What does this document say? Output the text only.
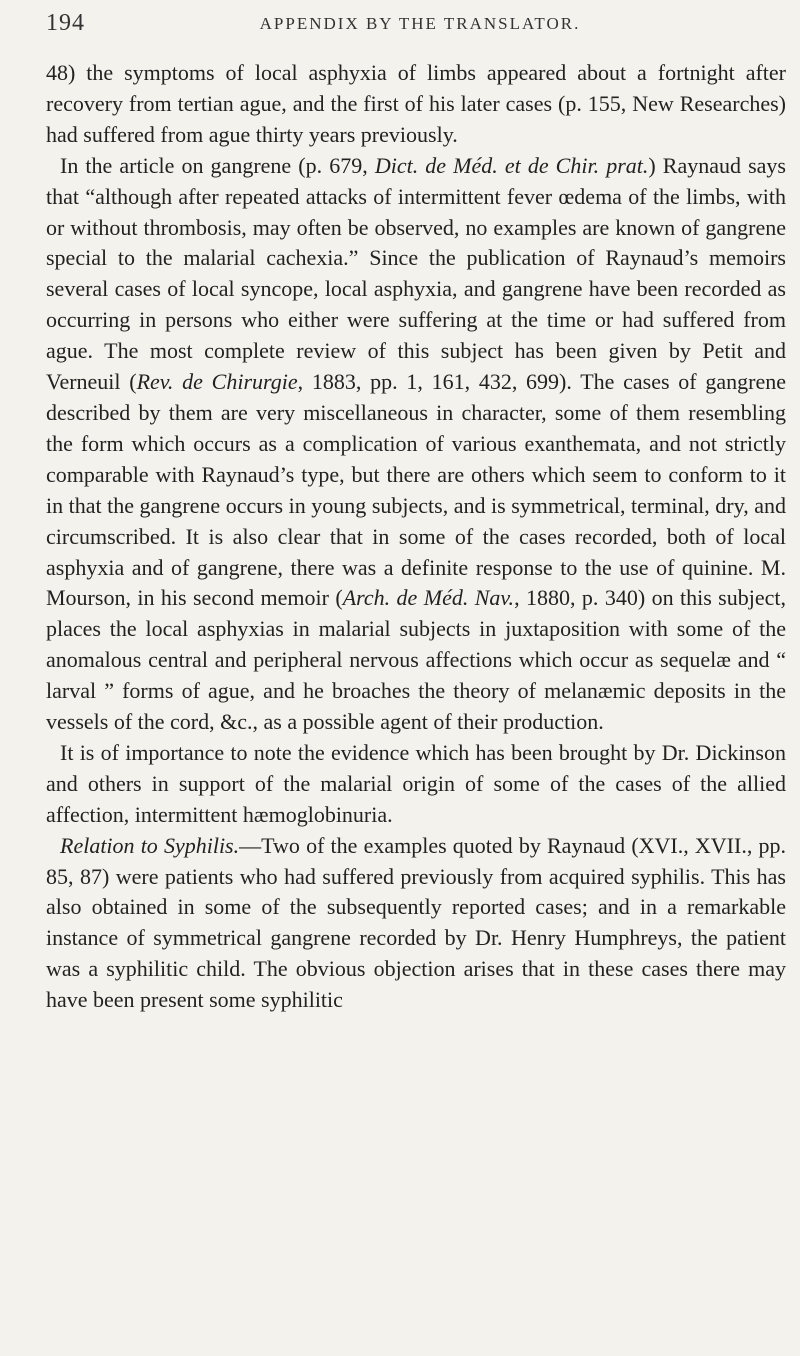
194	APPENDIX BY THE TRANSLATOR.

48) the symptoms of local asphyxia of limbs appeared about a fortnight after recovery from tertian ague, and the first of his later cases (p. 155, New Researches) had suffered from ague thirty years previously.

In the article on gangrene (p. 679, Dict. de Méd. et de Chir. prat.) Raynaud says that “although after repeated attacks of intermittent fever œdema of the limbs, with or without thrombosis, may often be observed, no examples are known of gangrene special to the malarial cachexia.” Since the publication of Raynaud’s memoirs several cases of local syncope, local asphyxia, and gangrene have been recorded as occurring in persons who either were suffering at the time or had suffered from ague. The most complete review of this subject has been given by Petit and Verneuil (Rev. de Chirurgie, 1883, pp. 1, 161, 432, 699). The cases of gangrene described by them are very miscellaneous in character, some of them resembling the form which occurs as a complication of various exanthemata, and not strictly comparable with Raynaud’s type, but there are others which seem to conform to it in that the gangrene occurs in young subjects, and is symmetrical, terminal, dry, and circumscribed. It is also clear that in some of the cases recorded, both of local asphyxia and of gangrene, there was a definite response to the use of quinine. M. Mourson, in his second memoir (Arch. de Méd. Nav., 1880, p. 340) on this subject, places the local asphyxias in malarial subjects in juxtaposition with some of the anomalous central and peripheral nervous affections which occur as sequelæ and “ larval ” forms of ague, and he broaches the theory of melanæmic deposits in the vessels of the cord, &c., as a possible agent of their production.

It is of importance to note the evidence which has been brought by Dr. Dickinson and others in support of the malarial origin of some of the cases of the allied affection, intermittent hæmoglobinuria.

Relation to Syphilis.—Two of the examples quoted by Raynaud (XVI., XVII., pp. 85, 87) were patients who had suffered previously from acquired syphilis. This has also obtained in some of the subsequently reported cases; and in a remarkable instance of symmetrical gangrene recorded by Dr. Henry Humphreys, the patient was a syphilitic child. The obvious objection arises that in these cases there may have been present some syphilitic
